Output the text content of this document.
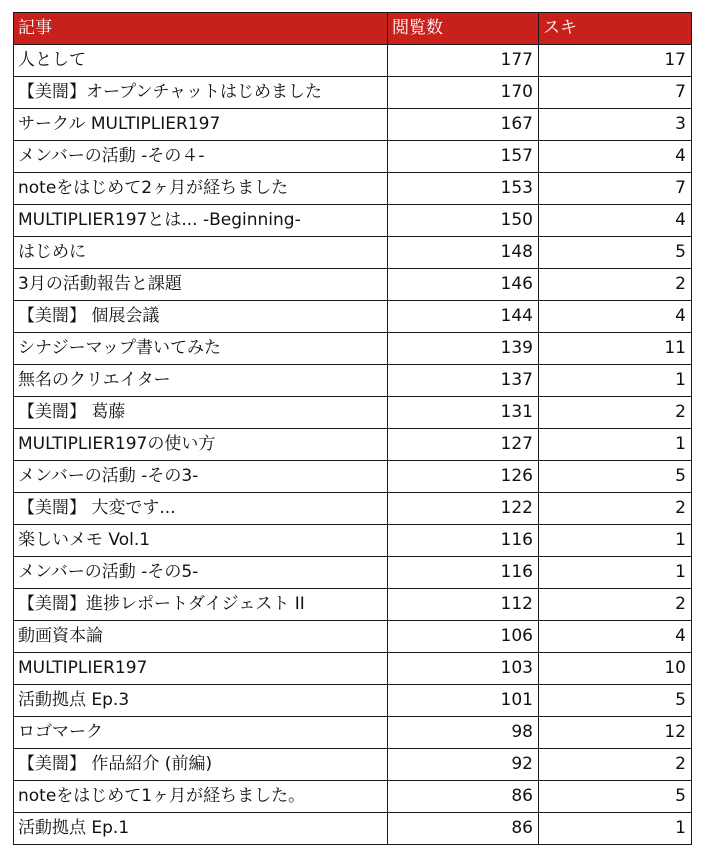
記事	閲覧数	スキ
人として	177	17
【美闇】オープンチャットはじめました	170	7
サークル MULTIPLIER197	167	3
メンバーの活動 -その４-	157	4
noteをはじめて2ヶ月が経ちました	153	7
MULTIPLIER197とは... -Beginning-	150	4
はじめに	148	5
3月の活動報告と課題	146	2
【美闇】 個展会議	144	4
シナジーマップ書いてみた	139	11
無名のクリエイター	137	1
【美闇】 葛藤	131	2
MULTIPLIER197の使い方	127	1
メンバーの活動 -その3-	126	5
【美闇】 大変です...	122	2
楽しいメモ Vol.1	116	1
メンバーの活動 -その5-	116	1
【美闇】進捗レポートダイジェスト II	112	2
動画資本論	106	4
MULTIPLIER197	103	10
活動拠点 Ep.3	101	5
ロゴマーク	98	12
【美闇】 作品紹介 (前編)	92	2
noteをはじめて1ヶ月が経ちました。	86	5
活動拠点 Ep.1	86	1
